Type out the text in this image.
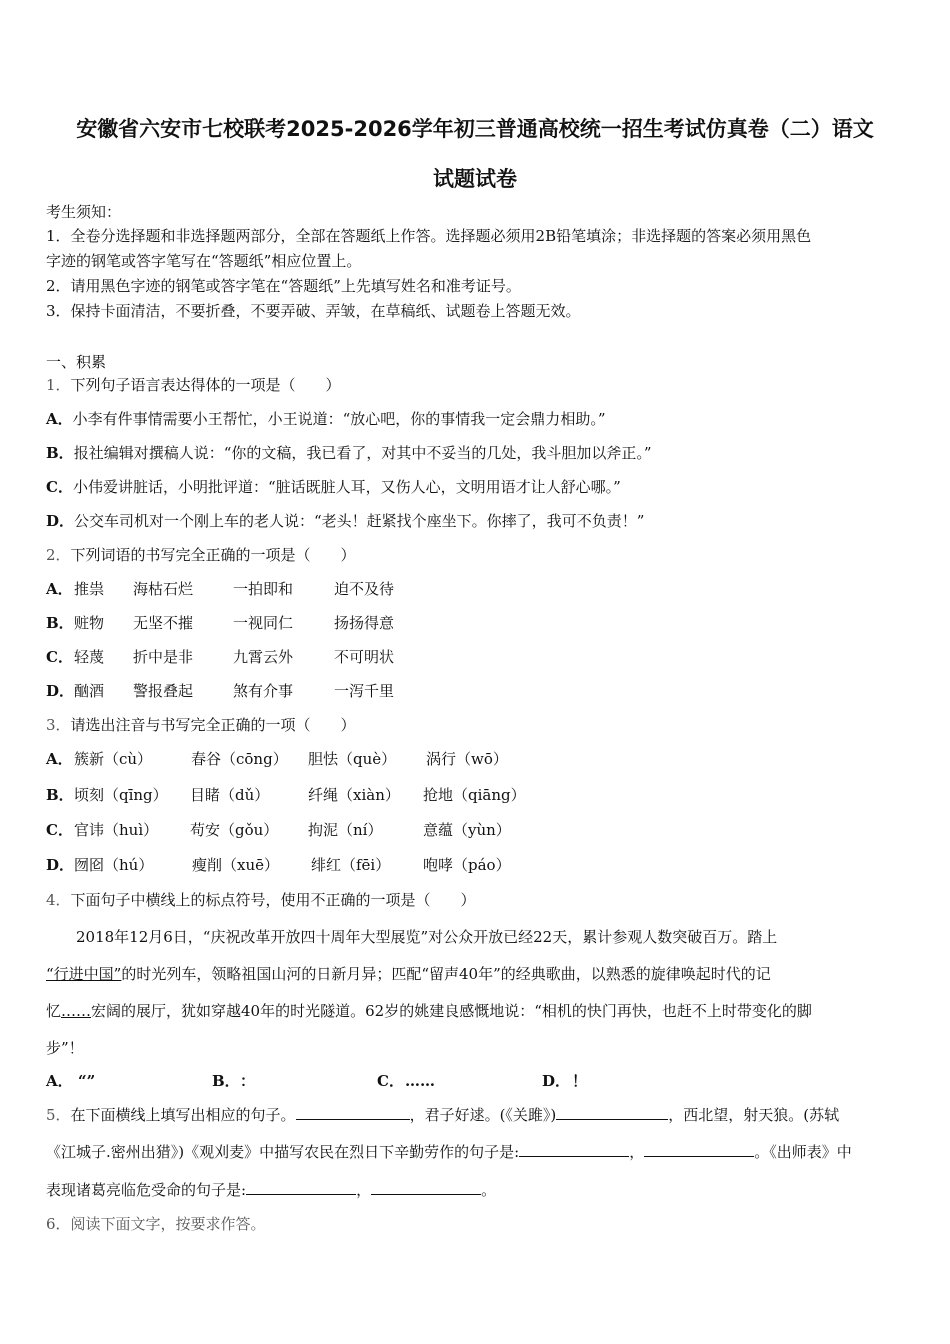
安徽省六安市七校联考2025-2026学年初三普通高校统一招生考试仿真卷（二）语文
试题试卷
考生须知：
1．全卷分选择题和非选择题两部分，全部在答题纸上作答。选择题必须用2B铅笔填涂；非选择题的答案必须用黑色
字迹的钢笔或答字笔写在“答题纸”相应位置上。
2．请用黑色字迹的钢笔或答字笔在“答题纸”上先填写姓名和准考证号。
3．保持卡面清洁，不要折叠，不要弄破、弄皱，在草稿纸、试题卷上答题无效。
一、积累
1．下列句子语言表达得体的一项是（　　）
A．小李有件事情需要小王帮忙，小王说道：“放心吧，你的事情我一定会鼎力相助。”
B．报社编辑对撰稿人说：“你的文稿，我已看了，对其中不妥当的几处，我斗胆加以斧正。”
C．小伟爱讲脏话，小明批评道：“脏话既脏人耳，又伤人心，文明用语才让人舒心哪。”
D．公交车司机对一个刚上车的老人说：“老头！赶紧找个座坐下。你摔了，我可不负责！”
2．下列词语的书写完全正确的一项是（　　）
A． 推祟 海枯石烂	一拍即和	迫不及待
B． 赃物 无坚不摧	一视同仁	扬扬得意
C． 轻蔑 折中是非	九霄云外	不可明状
D． 酗酒 警报叠起	煞有介事	一泻千里
3．请选出注音与书写完全正确的一项（　　）
A． 簇新（cù）	春谷（cōng） 胆怯（què） 涡行（wō）
B． 顷刻（qīng） 目睹（dǔ）	纤绳（xiàn） 抢地（qiāng）
C． 官讳（huì） 苟安（gǒu） 拘泥（ní）	意蕴（yùn）
D． 囫囵（hú）	瘦削（xuē） 绯红（fēi） 咆哮（páo）
4．下面句子中横线上的标点符号，使用不正确的一项是（　　）
2018年12月6日，“庆祝改革开放四十周年大型展览”对公众开放已经22天，累计参观人数突破百万。踏上
“行进中国”的时光列车，领略祖国山河的日新月异；匹配“留声40年”的经典歌曲，以熟悉的旋律唤起时代的记
忆……宏阔的展厅，犹如穿越40年的时光隧道。62岁的姚建良感慨地说：“相机的快门再快，也赶不上时带变化的脚
步”！
A． “”	B． ：	C． ……	D． ！
5．在下面横线上填写出相应的句子。	，君子好逑。(《关雎》)	，西北望，射天狼。(苏轼
《江城子.密州出猎》)《观刈麦》中描写农民在烈日下辛勤劳作的句子是:	，	。《出师表》中
表现诸葛亮临危受命的句子是:	，	。
6．阅读下面文字，按要求作答。
